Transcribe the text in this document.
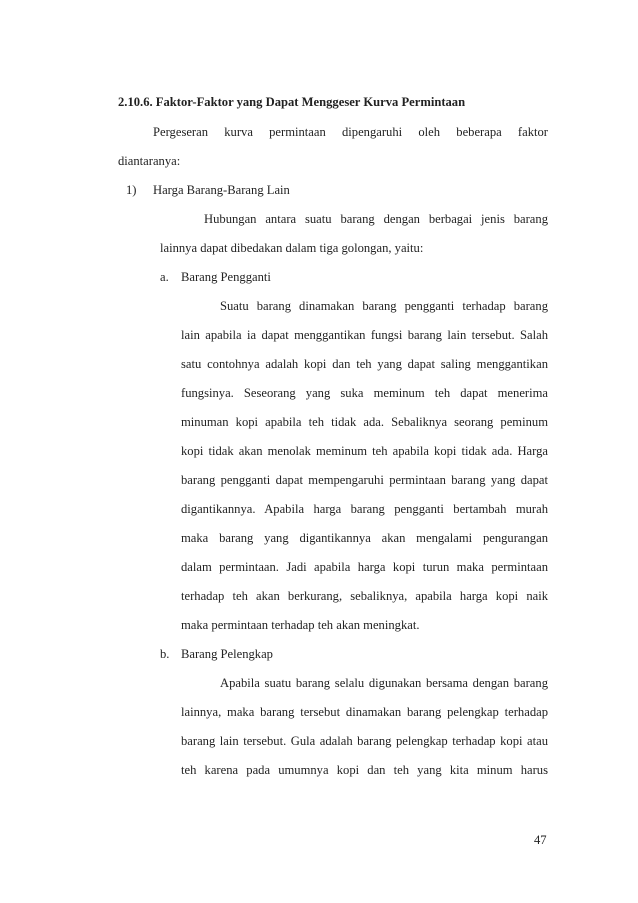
2.10.6. Faktor-Faktor yang Dapat Menggeser Kurva Permintaan
Pergeseran kurva permintaan dipengaruhi oleh beberapa faktor
diantaranya:
1) Harga Barang-Barang Lain
Hubungan antara suatu barang dengan berbagai jenis barang
lainnya dapat dibedakan dalam tiga golongan, yaitu:
a. Barang Pengganti
Suatu barang dinamakan barang pengganti terhadap barang
lain apabila ia dapat menggantikan fungsi barang lain tersebut. Salah
satu contohnya adalah kopi dan teh yang dapat saling menggantikan
fungsinya. Seseorang yang suka meminum teh dapat menerima
minuman kopi apabila teh tidak ada. Sebaliknya seorang peminum
kopi tidak akan menolak meminum teh apabila kopi tidak ada. Harga
barang pengganti dapat mempengaruhi permintaan barang yang dapat
digantikannya. Apabila harga barang pengganti bertambah murah
maka barang yang digantikannya akan mengalami pengurangan
dalam permintaan. Jadi apabila harga kopi turun maka permintaan
terhadap teh akan berkurang, sebaliknya, apabila harga kopi naik
maka permintaan terhadap teh akan meningkat.
b. Barang Pelengkap
Apabila suatu barang selalu digunakan bersama dengan barang
lainnya, maka barang tersebut dinamakan barang pelengkap terhadap
barang lain tersebut. Gula adalah barang pelengkap terhadap kopi atau
teh karena pada umumnya kopi dan teh yang kita minum harus
47
